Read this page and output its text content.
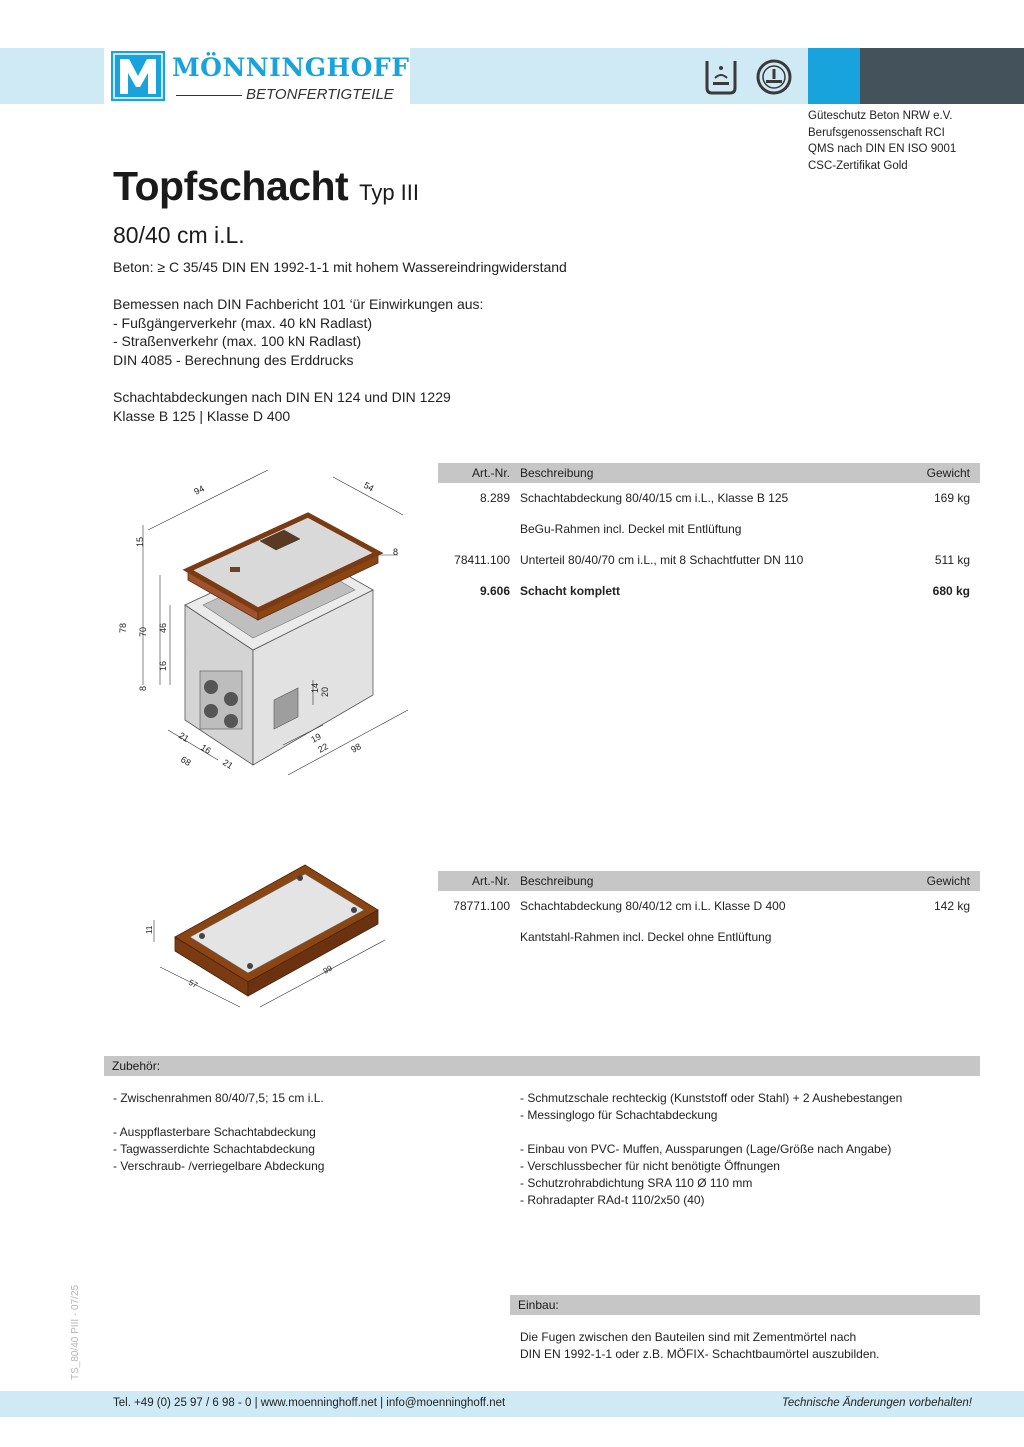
MÖNNINGHOFF
BETONFERTIGTEILE
Güteschutz Beton NRW e.V.
Berufsgenossenschaft RCI
QMS nach DIN EN ISO 9001
CSC-Zertifikat Gold
Topfschacht Typ III
80/40 cm i.L.
Beton: ≥ C 35/45 DIN EN 1992-1-1 mit hohem Wassereindringwiderstand
Bemessen nach DIN Fachbericht 101 ‘ür Einwirkungen aus:
- Fußgängerverkehr (max. 40 kN Radlast)
- Straßenverkehr (max. 100 kN Radlast)
DIN 4085 - Berechnung des Erddrucks
Schachtabdeckungen nach DIN EN 124 und DIN 1229
Klasse B 125 | Klasse D 400
94	54
15
8
78 70 46
16
8	14 20
21
16
68	21
19
22 98
Art.-Nr. Beschreibung	Gewicht
8.289 Schachtabdeckung 80/40/15 cm i.L., Klasse B 125	169 kg
BeGu-Rahmen incl. Deckel mit Entlüftung
78411.100 Unterteil 80/40/70 cm i.L., mit 8 Schachtfutter DN 110	511 kg
9.606 Schacht komplett	680 kg
11
57
99
Art.-Nr. Beschreibung	Gewicht
78771.100 Schachtabdeckung 80/40/12 cm i.L. Klasse D 400	142 kg
Kantstahl-Rahmen incl. Deckel ohne Entlüftung
Zubehör:
- Zwischenrahmen 80/40/7,5; 15 cm i.L.
- Ausppflasterbare Schachtabdeckung
- Tagwasserdichte Schachtabdeckung
- Verschraub- /verriegelbare Abdeckung
- Schmutzschale rechteckig (Kunststoff oder Stahl) + 2 Aushebestangen
- Messinglogo für Schachtabdeckung
- Einbau von PVC- Muffen, Aussparungen (Lage/Größe nach Angabe)
- Verschlussbecher für nicht benötigte Öffnungen
- Schutzrohrabdichtung SRA 110 Ø 110 mm
- Rohradapter RAd-t 110/2x50 (40)
Einbau:
Die Fugen zwischen den Bauteilen sind mit Zementmörtel nach
DIN EN 1992-1-1 oder z.B. MÖFIX- Schachtbaumörtel auszubilden.
TS_80/40 PIII - 07/25
Tel. +49 (0) 25 97 / 6 98 - 0 | www.moenninghoff.net | info@moenninghoff.net	Technische Änderungen vorbehalten!
